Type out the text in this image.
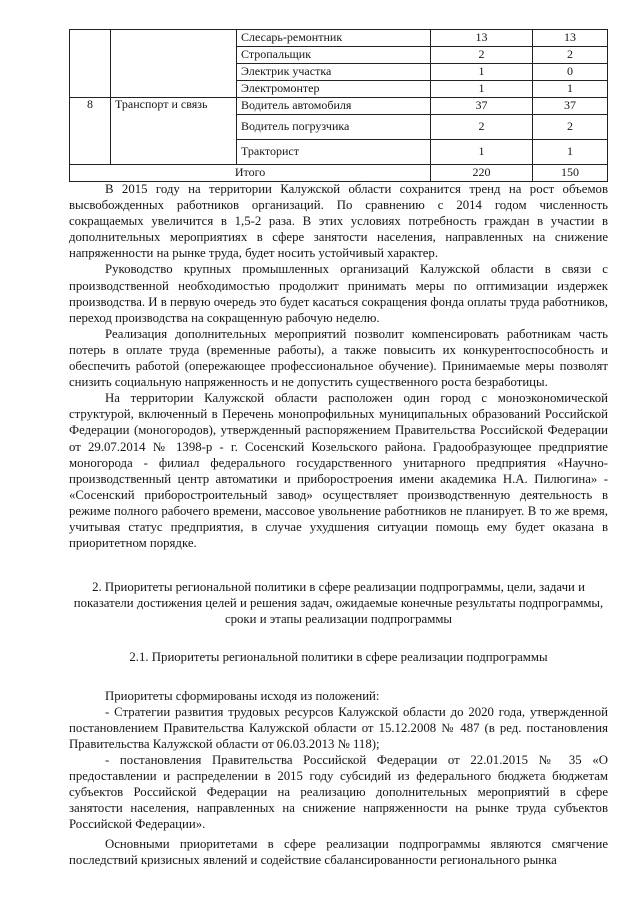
		Слесарь-ремонтник	13	13
		Стропальщик	2	2
		Электрик участка	1	0
		Электромонтер	1	1
8	Транспорт и связь	Водитель автомобиля	37	37
		Водитель погрузчика	2	2
		Тракторист	1	1
Итого			220	150

В 2015 году на территории Калужской области сохранится тренд на рост объемов высвобожденных работников организаций. По сравнению с 2014 годом численность сокращаемых увеличится в 1,5-2 раза. В этих условиях потребность граждан в участии в дополнительных мероприятиях в сфере занятости населения, направленных на снижение напряженности на рынке труда, будет носить устойчивый характер.

Руководство крупных промышленных организаций Калужской области в связи с производственной необходимостью продолжит принимать меры по оптимизации издержек производства. И в первую очередь это будет касаться сокращения фонда оплаты труда работников, переход производства на сокращенную рабочую неделю.

Реализация дополнительных мероприятий позволит компенсировать работникам часть потерь в оплате труда (временные работы), а также повысить их конкурентоспособность и обеспечить работой (опережающее профессиональное обучение). Принимаемые меры позволят снизить социальную напряженность и не допустить существенного роста безработицы.

На территории Калужской области расположен один город с моноэкономической структурой, включенный в Перечень монопрофильных муниципальных образований Российской Федерации (моногородов), утвержденный распоряжением Правительства Российской Федерации от 29.07.2014 № 1398-р - г. Сосенский Козельского района. Градообразующее предприятие моногорода - филиал федерального государственного унитарного предприятия «Научно-производственный центр автоматики и приборостроения имени академика Н.А. Пилюгина» - «Сосенский приборостроительный завод» осуществляет производственную деятельность в режиме полного рабочего времени, массовое увольнение работников не планирует. В то же время, учитывая статус предприятия, в случае ухудшения ситуации помощь ему будет оказана в приоритетном порядке.

2. Приоритеты региональной политики в сфере реализации подпрограммы, цели, задачи и показатели достижения целей и решения задач, ожидаемые конечные результаты подпрограммы, сроки и этапы реализации подпрограммы
2.1. Приоритеты региональной политики в сфере реализации подпрограммы

Приоритеты сформированы исходя из положений:

- Стратегии развития трудовых ресурсов Калужской области до 2020 года, утвержденной постановлением Правительства Калужской области от 15.12.2008 № 487 (в ред. постановления Правительства Калужской области от 06.03.2013 № 118);

- постановления Правительства Российской Федерации от 22.01.2015 № 35 «О предоставлении и распределении в 2015 году субсидий из федерального бюджета бюджетам субъектов Российской Федерации на реализацию дополнительных мероприятий в сфере занятости населения, направленных на снижение напряженности на рынке труда субъектов Российской Федерации».

Основными приоритетами в сфере реализации подпрограммы являются смягчение последствий кризисных явлений и содействие сбалансированности регионального рынка
